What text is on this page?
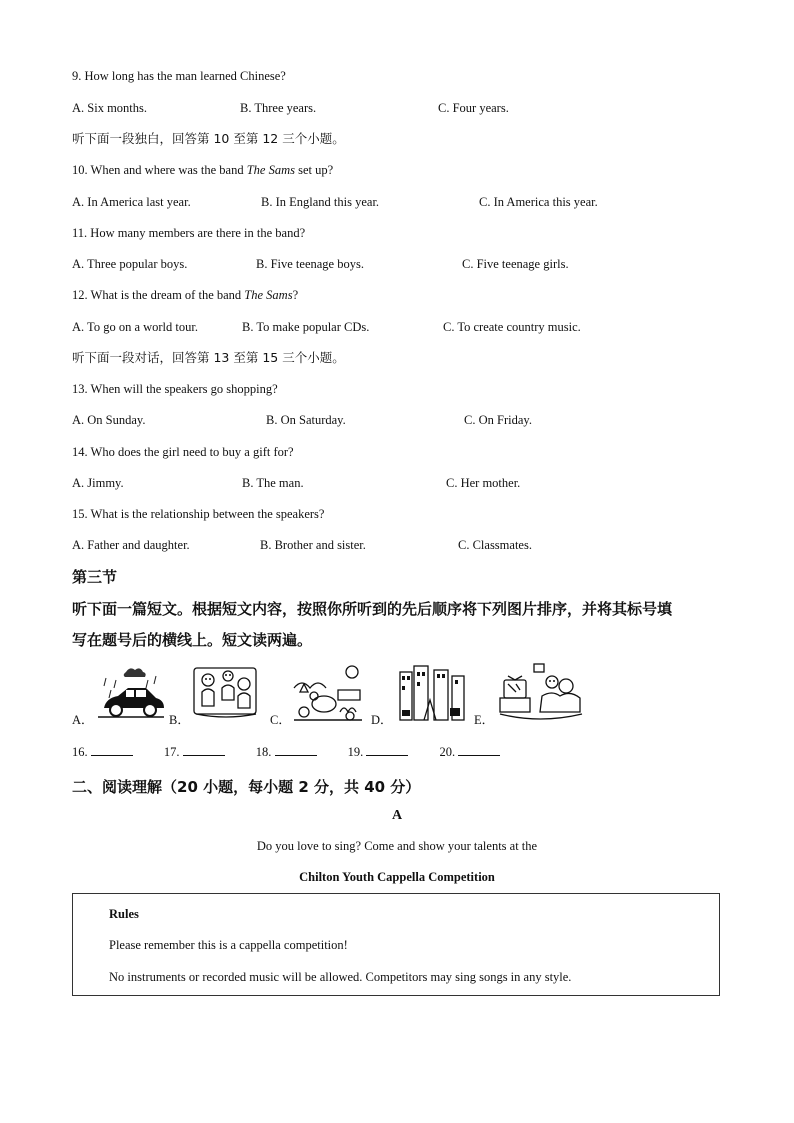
9. How long has the man learned Chinese?
A. Six months.	B. Three years.	C. Four years.
听下面一段独白，回答第 10 至第 12 三个小题。
10. When and where was the band The Sams set up?
A. In America last year.	B. In England this year.	C. In America this year.
11. How many members are there in the band?
A. Three popular boys.	B. Five teenage boys.	C. Five teenage girls.
12. What is the dream of the band The Sams?
A. To go on a world tour.	B. To make popular CDs.	C. To create country music.
听下面一段对话，回答第 13 至第 15 三个小题。
13. When will the speakers go shopping?
A. On Sunday.	B. On Saturday.	C. On Friday.
14. Who does the girl need to buy a gift for?
A. Jimmy.	B. The man.	C. Her mother.
15. What is the relationship between the speakers?
A. Father and daughter.	B. Brother and sister.	C. Classmates.
第三节
听下面一篇短文。根据短文内容，按照你所听到的先后顺序将下列图片排序，并将其标号填
写在题号后的横线上。短文读两遍。
A．	B．	C．	D．	E．
16.	17.	18.	19.	20.
二、阅读理解（20 小题，每小题 2 分，共 40 分）
A
Do you love to sing? Come and show your talents at the
Chilton Youth Cappella Competition
Rules
Please remember this is a cappella competition!
No instruments or recorded music will be allowed. Competitors may sing songs in any style.
